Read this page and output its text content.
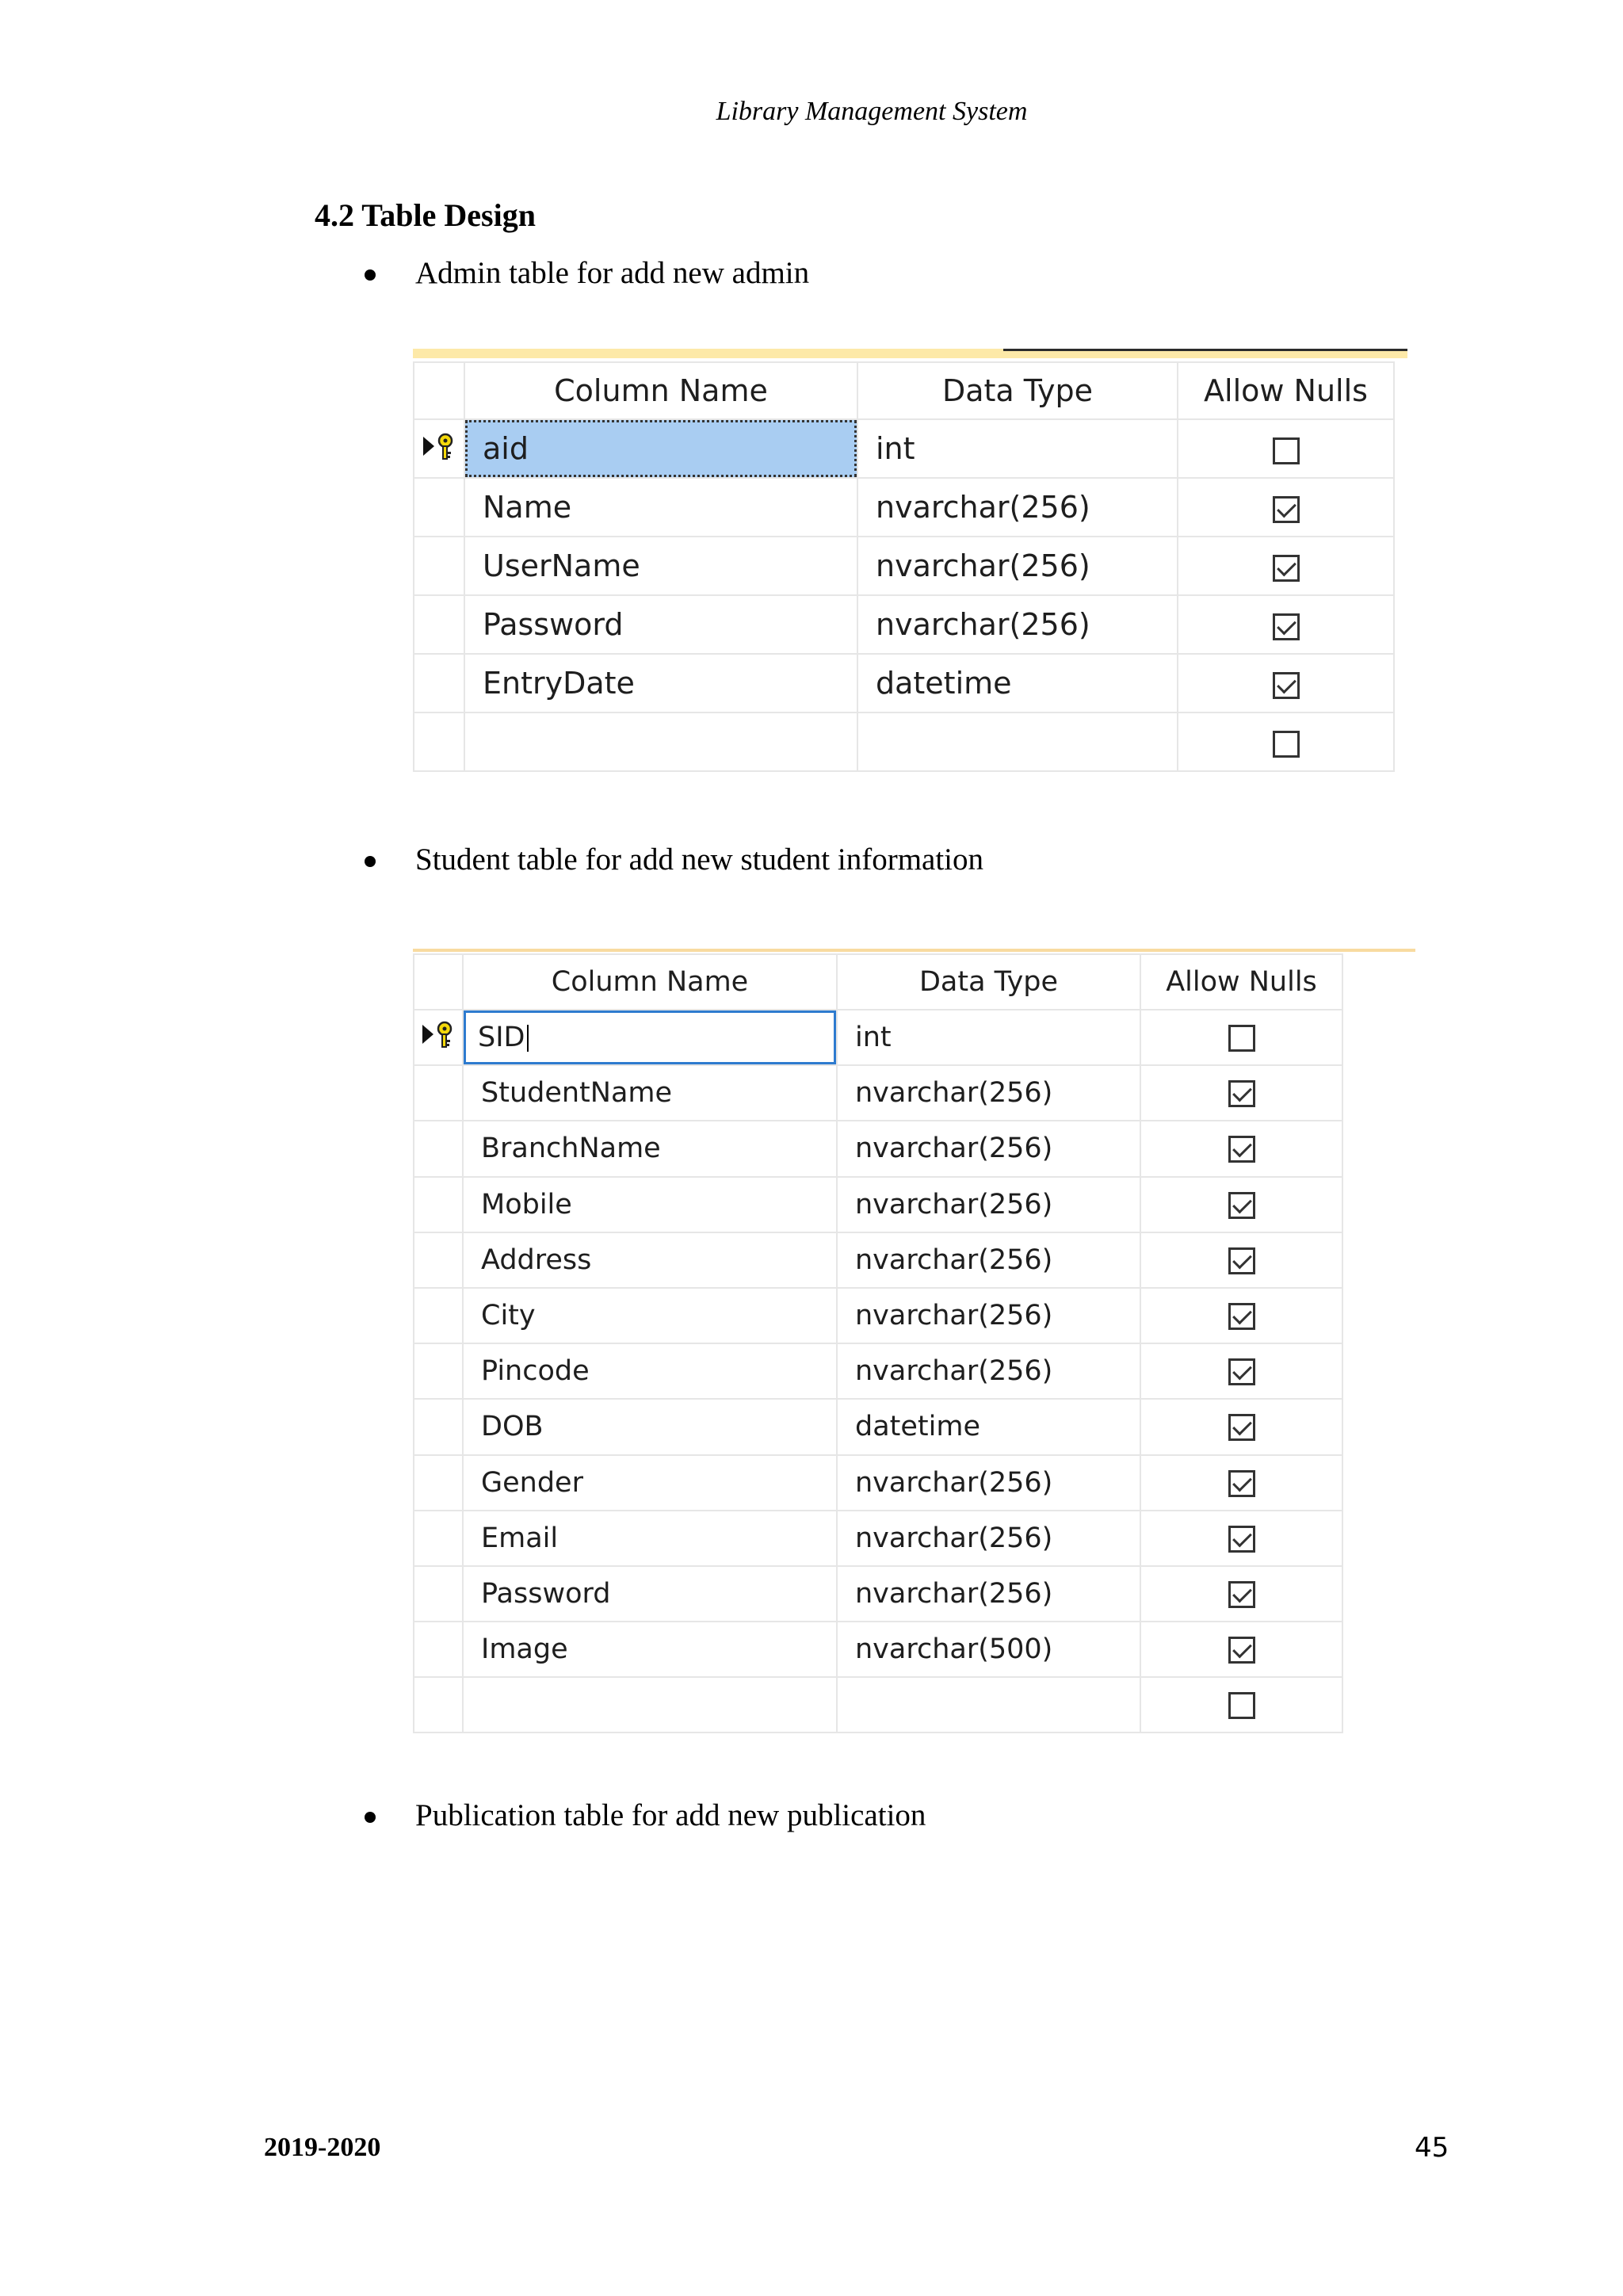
Library Management System
4.2 Table Design
Admin table for add new admin
Student table for add new student information
Publication table for add new publication
	Column Name	Data Type	Allow Nulls
	aid	int	
	Name	nvarchar(256)	
	UserName	nvarchar(256)	
	Password	nvarchar(256)	
	EntryDate	datetime	

	Column Name	Data Type	Allow Nulls
	SID	int	
	StudentName	nvarchar(256)	
	BranchName	nvarchar(256)	
	Mobile	nvarchar(256)	
	Address	nvarchar(256)	
	City	nvarchar(256)	
	Pincode	nvarchar(256)	
	DOB	datetime	
	Gender	nvarchar(256)	
	Email	nvarchar(256)	
	Password	nvarchar(256)	
	Image	nvarchar(500)	

2019-2020	45
